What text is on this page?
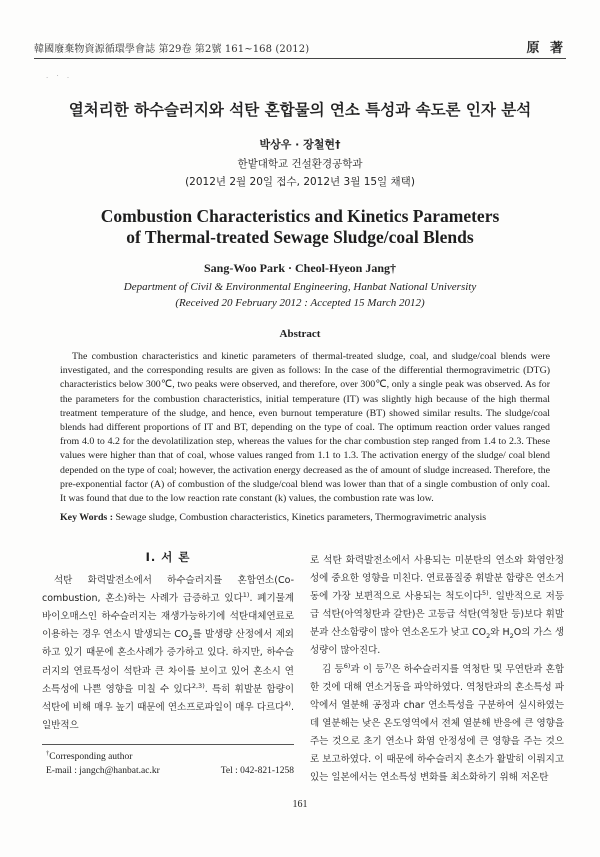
韓國廢棄物資源循環學會誌 第29卷 第2號 161~168 (2012)	原 著
. · .
열처리한 하수슬러지와 석탄 혼합물의 연소 특성과 속도론 인자 분석
박상우 · 장철현†
한밭대학교 건설환경공학과
(2012년 2월 20일 접수, 2012년 3월 15일 채택)
Combustion Characteristics and Kinetics Parameters
of Thermal-treated Sewage Sludge/coal Blends
Sang-Woo Park · Cheol-Hyeon Jang†
Department of Civil & Environmental Engineering, Hanbat National University
(Received 20 February 2012 : Accepted 15 March 2012)
Abstract
The combustion characteristics and kinetic parameters of thermal-treated sludge, coal, and sludge/coal blends were investigated, and the corresponding results are given as follows: In the case of the differential thermogravimetric (DTG) characteristics below 300℃, two peaks were observed, and therefore, over 300℃, only a single peak was observed. As for the parameters for the combustion characteristics, initial temperature (IT) was slightly high because of the high thermal treatment temperature of the sludge, and hence, even burnout temperature (BT) showed similar results. The sludge/coal blends had different proportions of IT and BT, depending on the type of coal. The optimum reaction order values ranged from 4.0 to 4.2 for the devolatilization step, whereas the values for the char combustion step ranged from 1.4 to 2.3. These values were higher than that of coal, whose values ranged from 1.1 to 1.3. The activation energy of the sludge/ coal blend depended on the type of coal; however, the activation energy decreased as the of amount of sludge increased. Therefore, the pre-exponential factor (A) of combustion of the sludge/coal blend was lower than that of a single combustion of only coal. It was found that due to the low reaction rate constant (k) values, the combustion rate was low.
Key Words : Sewage sludge, Combustion characteristics, Kinetics parameters, Thermogravimetric analysis
I. 서 론

석탄 화력발전소에서 하수슬러지를 혼합연소(Co-combustion, 혼소)하는 사례가 급증하고 있다$^{1)}$. 폐기물계 바이오매스인 하수슬러지는 재생가능하기에 석탄대체연료로 이용하는 경우 연소시 발생되는 $CO_2$를 발생량 산정에서 제외하고 있기 때문에 혼소사례가 증가하고 있다. 하지만, 하수슬러지의 연료특성이 석탄과 큰 차이를 보이고 있어 혼소시 연소특성에 나쁜 영향을 미칠 수 있다$^{2,3)}$. 특히 휘발분 함량이 석탄에 비해 매우 높기 때문에 연소프로파일이 매우 다르다$^{4)}$. 일반적으

로 석탄 화력발전소에서 사용되는 미분탄의 연소와 화염안정성에 중요한 영향을 미친다. 연료품질중 휘발분 함량은 연소거동에 가장 보편적으로 사용되는 척도이다$^{5)}$. 일반적으로 저등급 석탄(아역청탄과 갈탄)은 고등급 석탄(역청탄 등)보다 휘발분과 산소함량이 많아 연소온도가 낮고 $CO_2$와 $H_2O$의 가스 생성량이 많아진다.

김 등$^{6)}$과 이 등$^{7)}$은 하수슬러지를 역청탄 및 무연탄과 혼합한 것에 대해 연소거동을 파악하였다. 역청탄과의 혼소특성 파악에서 열분해 공정과 char 연소특성을 구분하여 실시하였는데 열분해는 낮은 온도영역에서 전체 열분해 반응에 큰 영향을 주는 것으로 초기 연소나 화염 안정성에 큰 영향을 주는 것으로 보고하였다. 이 때문에 하수슬러지 혼소가 활발히 이뤄지고 있는 일본에서는 연소특성 변화를 최소화하기 위해 저온탄

†Corresponding author
E-mail : jangch@hanbat.ac.kr	Tel : 042-821-1258
161
